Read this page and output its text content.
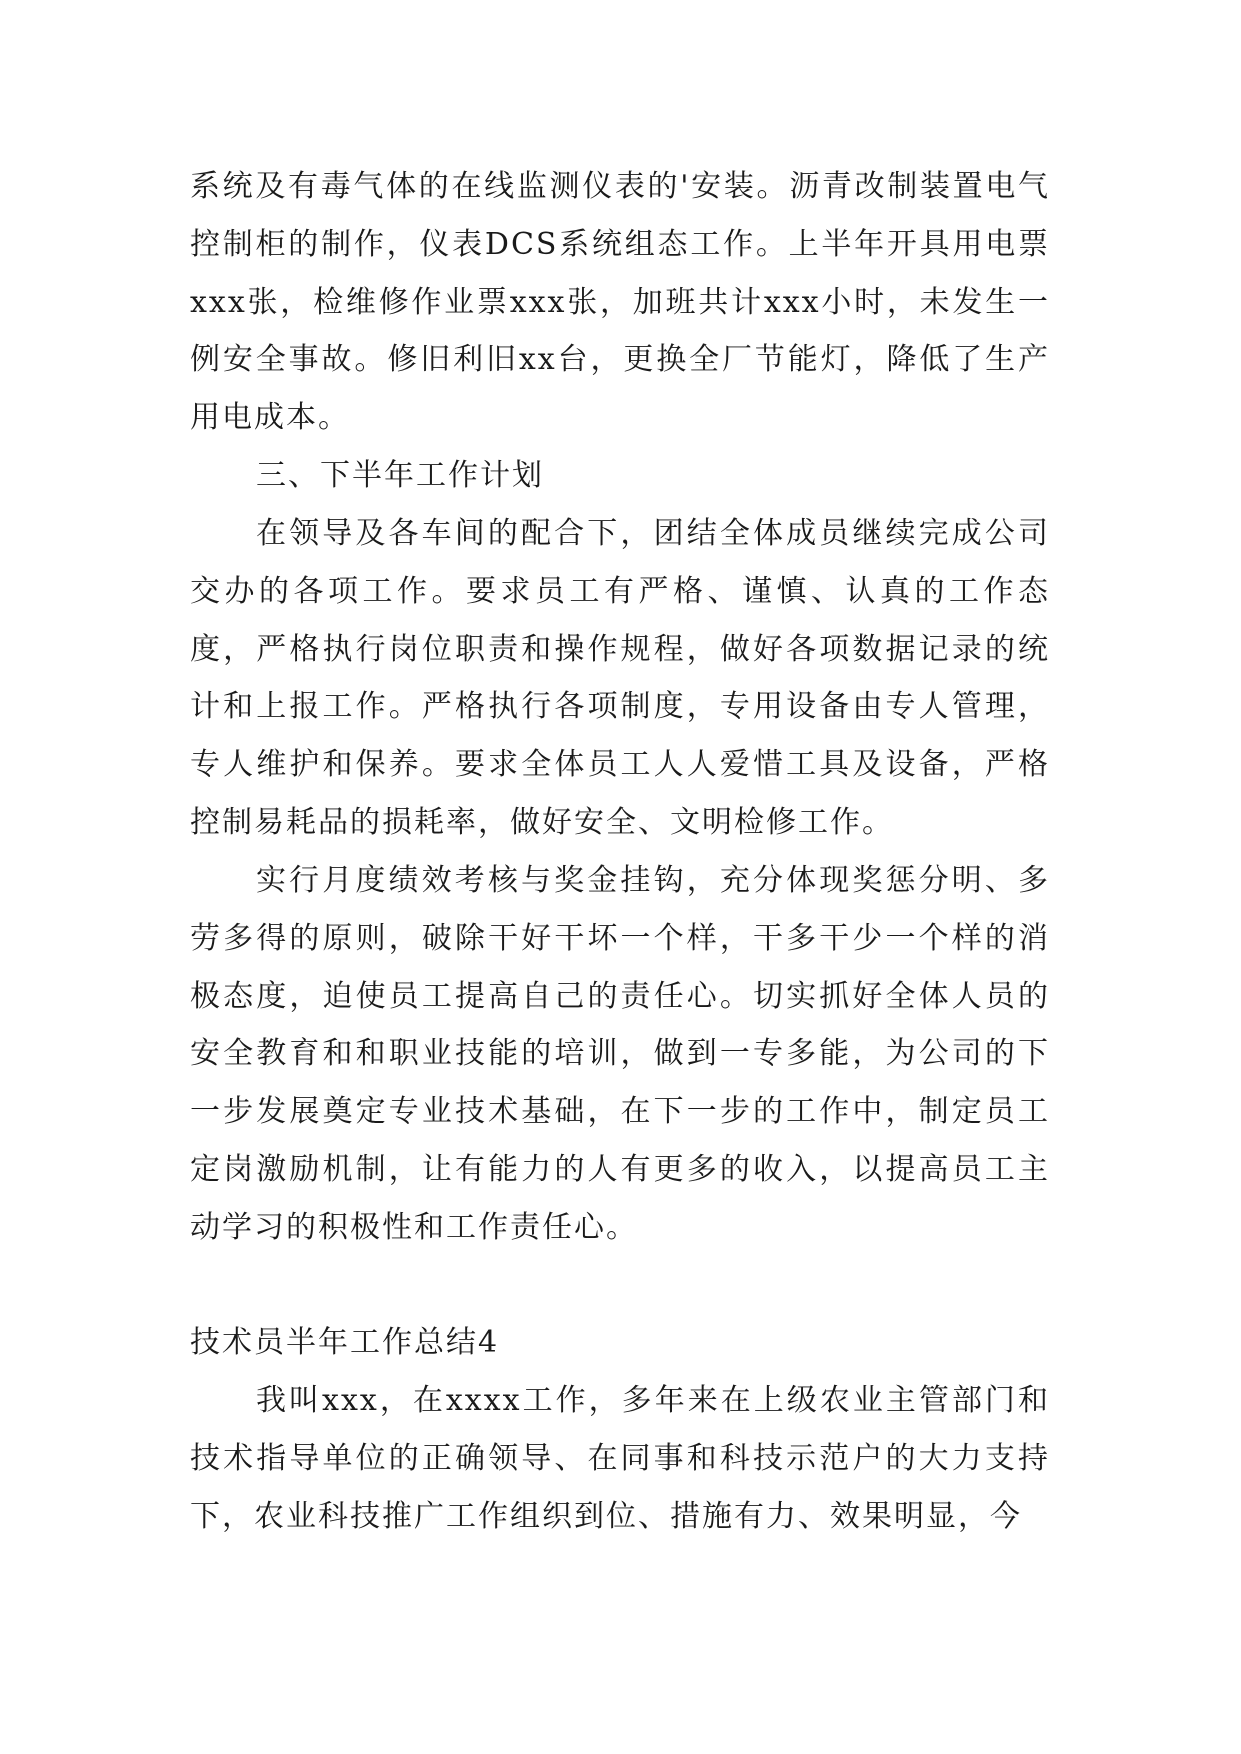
系统及有毒气体的在线监测仪表的'安装。沥青改制装置电气控制柜的制作，仪表DCS系统组态工作。上半年开具用电票xxx张，检维修作业票xxx张，加班共计xxx小时，未发生一例安全事故。修旧利旧xx台，更换全厂节能灯，降低了生产用电成本。

三、下半年工作计划

在领导及各车间的配合下，团结全体成员继续完成公司交办的各项工作。要求员工有严格、谨慎、认真的工作态度，严格执行岗位职责和操作规程，做好各项数据记录的统计和上报工作。严格执行各项制度，专用设备由专人管理，专人维护和保养。要求全体员工人人爱惜工具及设备，严格控制易耗品的损耗率，做好安全、文明检修工作。

实行月度绩效考核与奖金挂钩，充分体现奖惩分明、多劳多得的原则，破除干好干坏一个样，干多干少一个样的消极态度，迫使员工提高自己的责任心。切实抓好全体人员的安全教育和和职业技能的培训，做到一专多能，为公司的下一步发展奠定专业技术基础，在下一步的工作中，制定员工定岗激励机制，让有能力的人有更多的收入，以提高员工主动学习的积极性和工作责任心。

技术员半年工作总结4

我叫xxx，在xxxx工作，多年来在上级农业主管部门和技术指导单位的正确领导、在同事和科技示范户的大力支持下，农业科技推广工作组织到位、措施有力、效果明显，今
